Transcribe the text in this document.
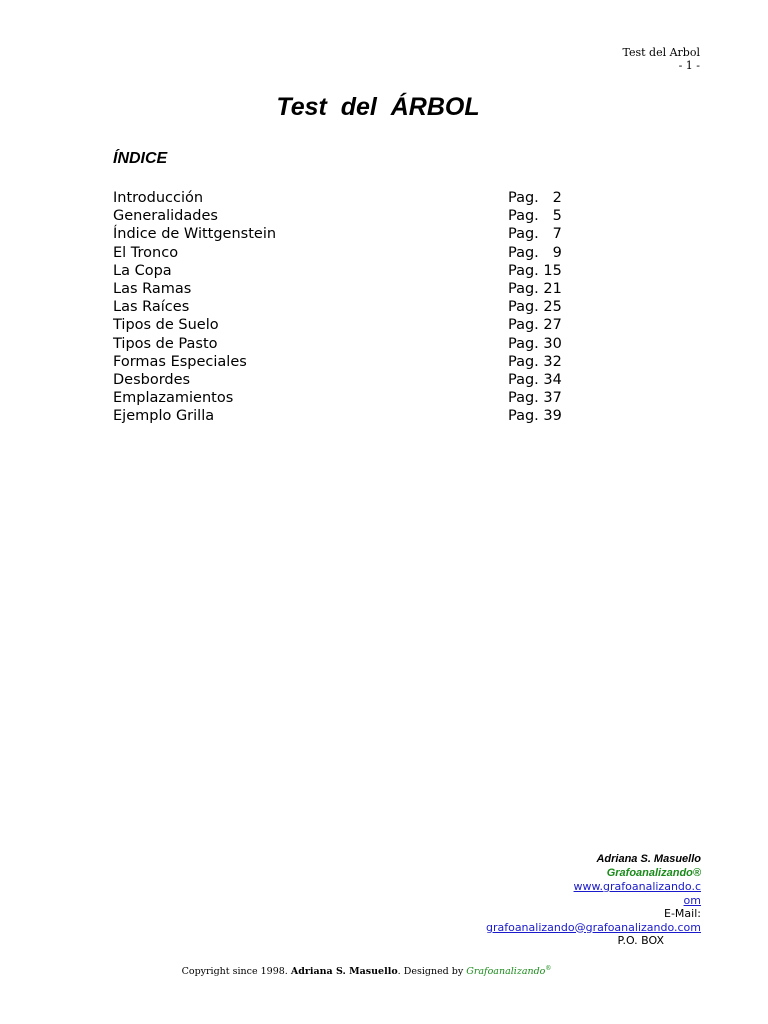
Test del Arbol
- 1 -
Test  del  ÁRBOL
ÍNDICE
Introducción	Pag.   2
Generalidades	Pag.   5
Índice de Wittgenstein	Pag.   7
El Tronco	Pag.   9
La Copa	Pag. 15
Las Ramas	Pag. 21
Las Raíces	Pag. 25
Tipos de Suelo	Pag. 27
Tipos de Pasto	Pag. 30
Formas Especiales	Pag. 32
Desbordes	Pag. 34
Emplazamientos	Pag. 37
Ejemplo Grilla	Pag. 39
Adriana S. Masuello
Grafoanalizando®
www.grafoanalizando.c
om
E-Mail:
grafoanalizando@grafoanalizando.com
P.O. BOX
Copyright since 1998. Adriana S. Masuello. Designed by Grafoanalizando®
